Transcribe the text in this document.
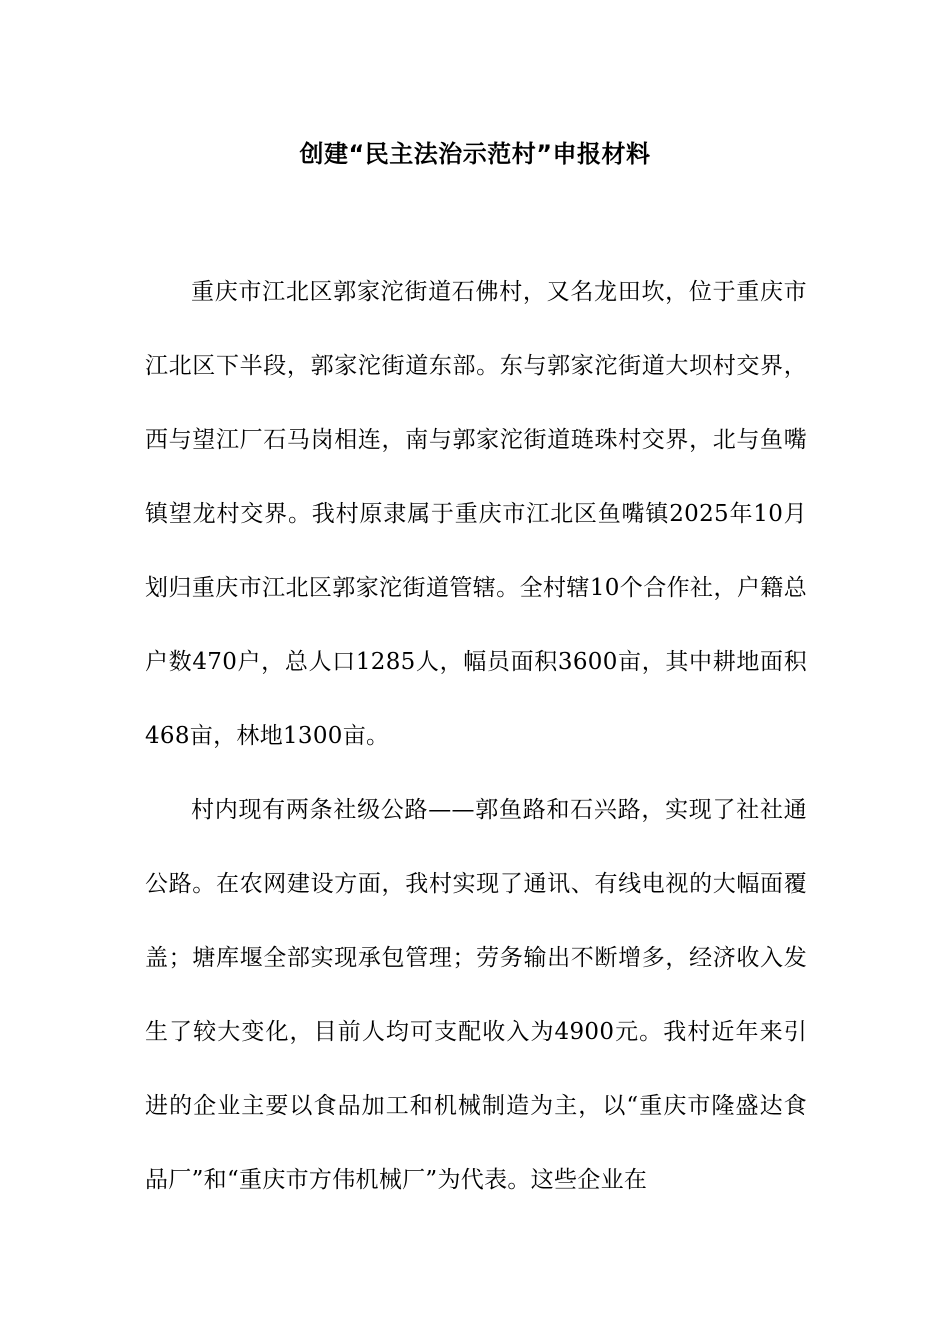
创建“民主法治示范村”申报材料

重庆市江北区郭家沱街道石佛村，又名龙田坎，位于重庆市江北区下半段，郭家沱街道东部。东与郭家沱街道大坝村交界，西与望江厂石马岗相连，南与郭家沱街道琏珠村交界，北与鱼嘴镇望龙村交界。我村原隶属于重庆市江北区鱼嘴镇2025年10月划归重庆市江北区郭家沱街道管辖。全村辖10个合作社，户籍总户数470户，总人口1285人，幅员面积3600亩，其中耕地面积468亩，林地1300亩。

村内现有两条社级公路——郭鱼路和石兴路，实现了社社通公路。在农网建设方面，我村实现了通讯、有线电视的大幅面覆盖；塘库堰全部实现承包管理；劳务输出不断增多，经济收入发生了较大变化，目前人均可支配收入为4900元。我村近年来引进的企业主要以食品加工和机械制造为主，以“重庆市隆盛达食品厂”和“重庆市方伟机械厂”为代表。这些企业在
